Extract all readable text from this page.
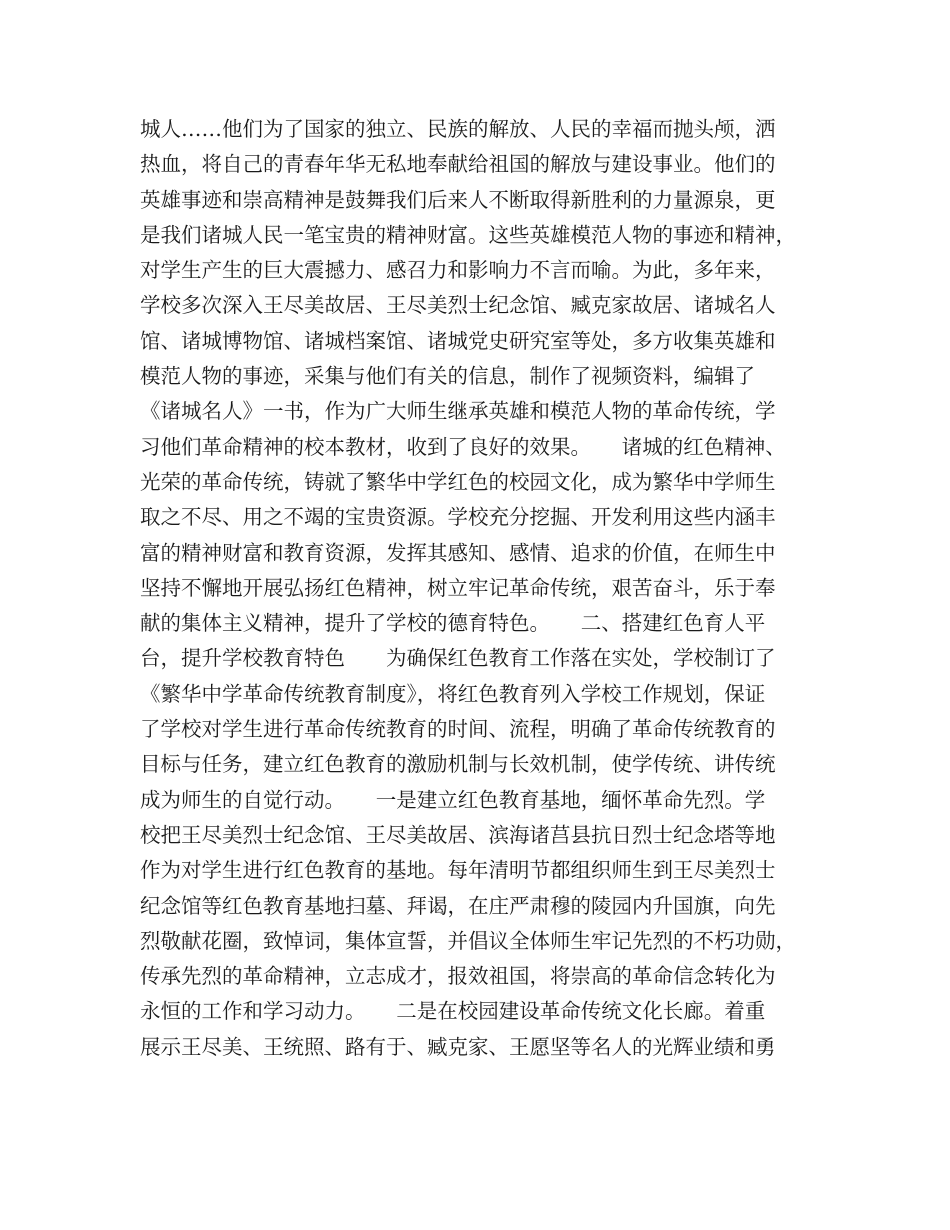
城人……他们为了国家的独立、民族的解放、人民的幸福而抛头颅，洒
热血，将自己的青春年华无私地奉献给祖国的解放与建设事业。他们的
英雄事迹和崇高精神是鼓舞我们后来人不断取得新胜利的力量源泉，更
是我们诸城人民一笔宝贵的精神财富。这些英雄模范人物的事迹和精神，
对学生产生的巨大震撼力、感召力和影响力不言而喻。为此，多年来，
学校多次深入王尽美故居、王尽美烈士纪念馆、臧克家故居、诸城名人
馆、诸城博物馆、诸城档案馆、诸城党史研究室等处，多方收集英雄和
模范人物的事迹，采集与他们有关的信息，制作了视频资料，编辑了
《诸城名人》一书，作为广大师生继承英雄和模范人物的革命传统，学
习他们革命精神的校本教材，收到了良好的效果。　　诸城的红色精神、
光荣的革命传统，铸就了繁华中学红色的校园文化，成为繁华中学师生
取之不尽、用之不竭的宝贵资源。学校充分挖掘、开发利用这些内涵丰
富的精神财富和教育资源，发挥其感知、感情、追求的价值，在师生中
坚持不懈地开展弘扬红色精神，树立牢记革命传统，艰苦奋斗，乐于奉
献的集体主义精神，提升了学校的德育特色。　　二、搭建红色育人平
台，提升学校教育特色　　为确保红色教育工作落在实处，学校制订了
《繁华中学革命传统教育制度》，将红色教育列入学校工作规划，保证
了学校对学生进行革命传统教育的时间、流程，明确了革命传统教育的
目标与任务，建立红色教育的激励机制与长效机制，使学传统、讲传统
成为师生的自觉行动。　　一是建立红色教育基地，缅怀革命先烈。学
校把王尽美烈士纪念馆、王尽美故居、滨海诸莒县抗日烈士纪念塔等地
作为对学生进行红色教育的基地。每年清明节都组织师生到王尽美烈士
纪念馆等红色教育基地扫墓、拜谒，在庄严肃穆的陵园内升国旗，向先
烈敬献花圈，致悼词，集体宣誓，并倡议全体师生牢记先烈的不朽功勋，
传承先烈的革命精神，立志成才，报效祖国，将崇高的革命信念转化为
永恒的工作和学习动力。　　二是在校园建设革命传统文化长廊。着重
展示王尽美、王统照、路有于、臧克家、王愿坚等名人的光辉业绩和勇
